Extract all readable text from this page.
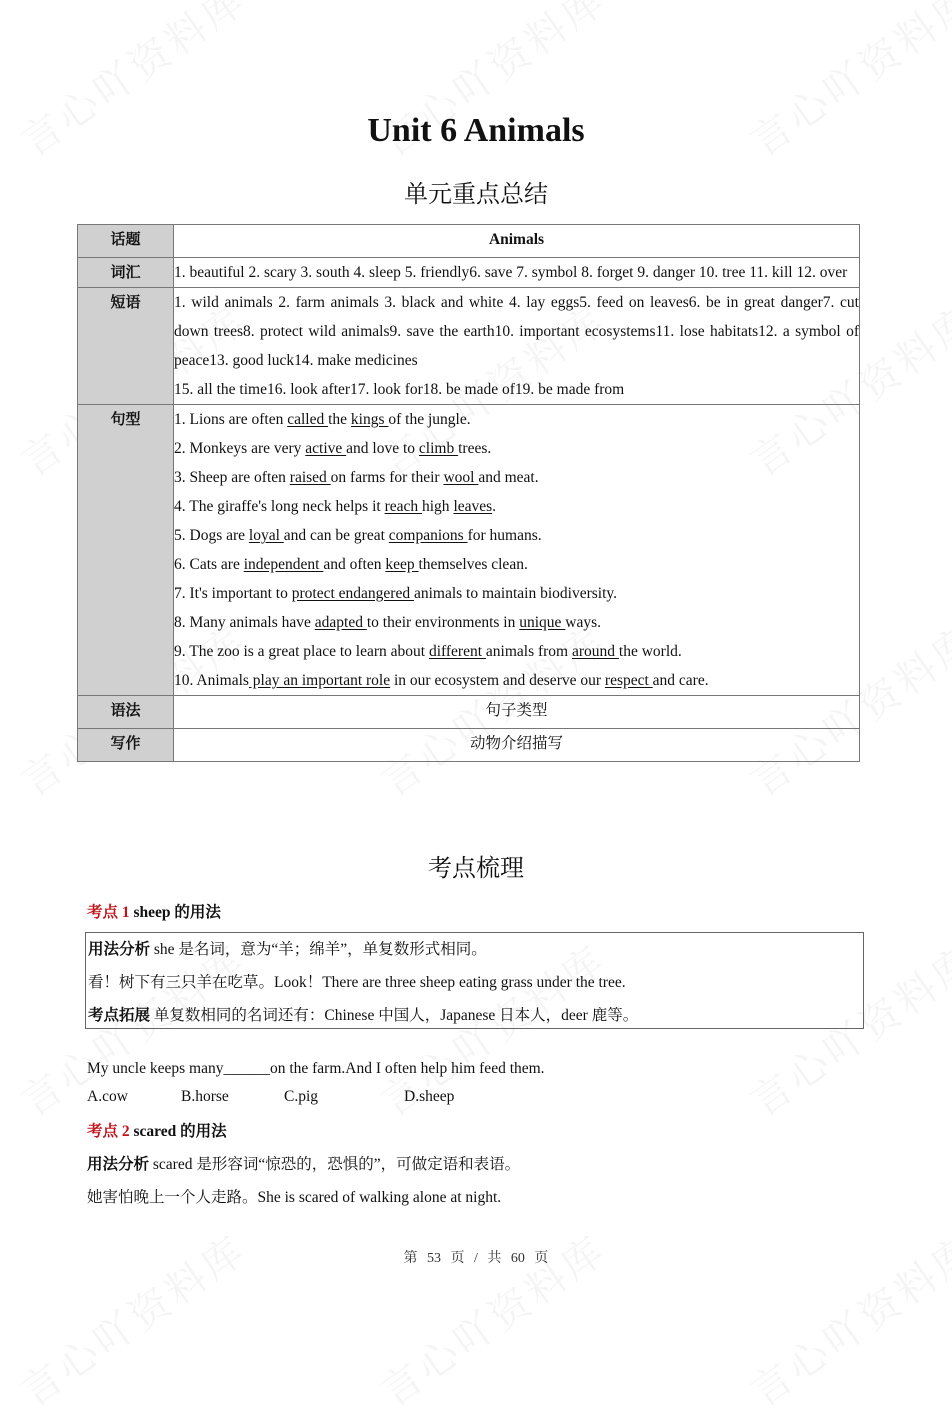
Unit 6 Animals
单元重点总结
话题	Animals
词汇	1. beautiful 2. scary 3. south 4. sleep 5. friendly6. save 7. symbol 8. forget 9. danger 10. tree 11. kill 12. over
短语	1. wild animals 2. farm animals 3. black and white 4. lay eggs5. feed on leaves6. be in great danger7. cut down trees8. protect wild animals9. save the earth10. important ecosystems11. lose habitats12. a symbol of peace13. good luck14. make medicines
15. all the time16. look after17. look for18. be made of19. be made from

句型	1. Lions are often called the kings of the jungle.
2. Monkeys are very active and love to climb trees.
3. Sheep are often raised on farms for their wool and meat.
4. The giraffe's long neck helps it reach high leaves.
5. Dogs are loyal and can be great companions for humans.
6. Cats are independent and often keep themselves clean.
7. It's important to protect endangered animals to maintain biodiversity.
8. Many animals have adapted to their environments in unique ways.
9. The zoo is a great place to learn about different animals from around the world.
10. Animals play an important role in our ecosystem and deserve our respect and care.

语法	句子类型
写作	动物介绍描写
考点梳理
考点 1 sheep 的用法
用法分析 she 是名词，意为“羊；绵羊”，单复数形式相同。
看！树下有三只羊在吃草。Look！There are three sheep eating grass under the tree.
考点拓展 单复数相同的名词还有：Chinese 中国人，Japanese 日本人，deer 鹿等。
My uncle keeps many______on the farm.And I often help him feed them.
A.cow	B.horse	C.pig	D.sheep
考点 2 scared 的用法
用法分析 scared 是形容词“惊恐的，恐惧的”，可做定语和表语。
她害怕晚上一个人走路。She is scared of walking alone at night.
第 53 页 / 共 60 页
